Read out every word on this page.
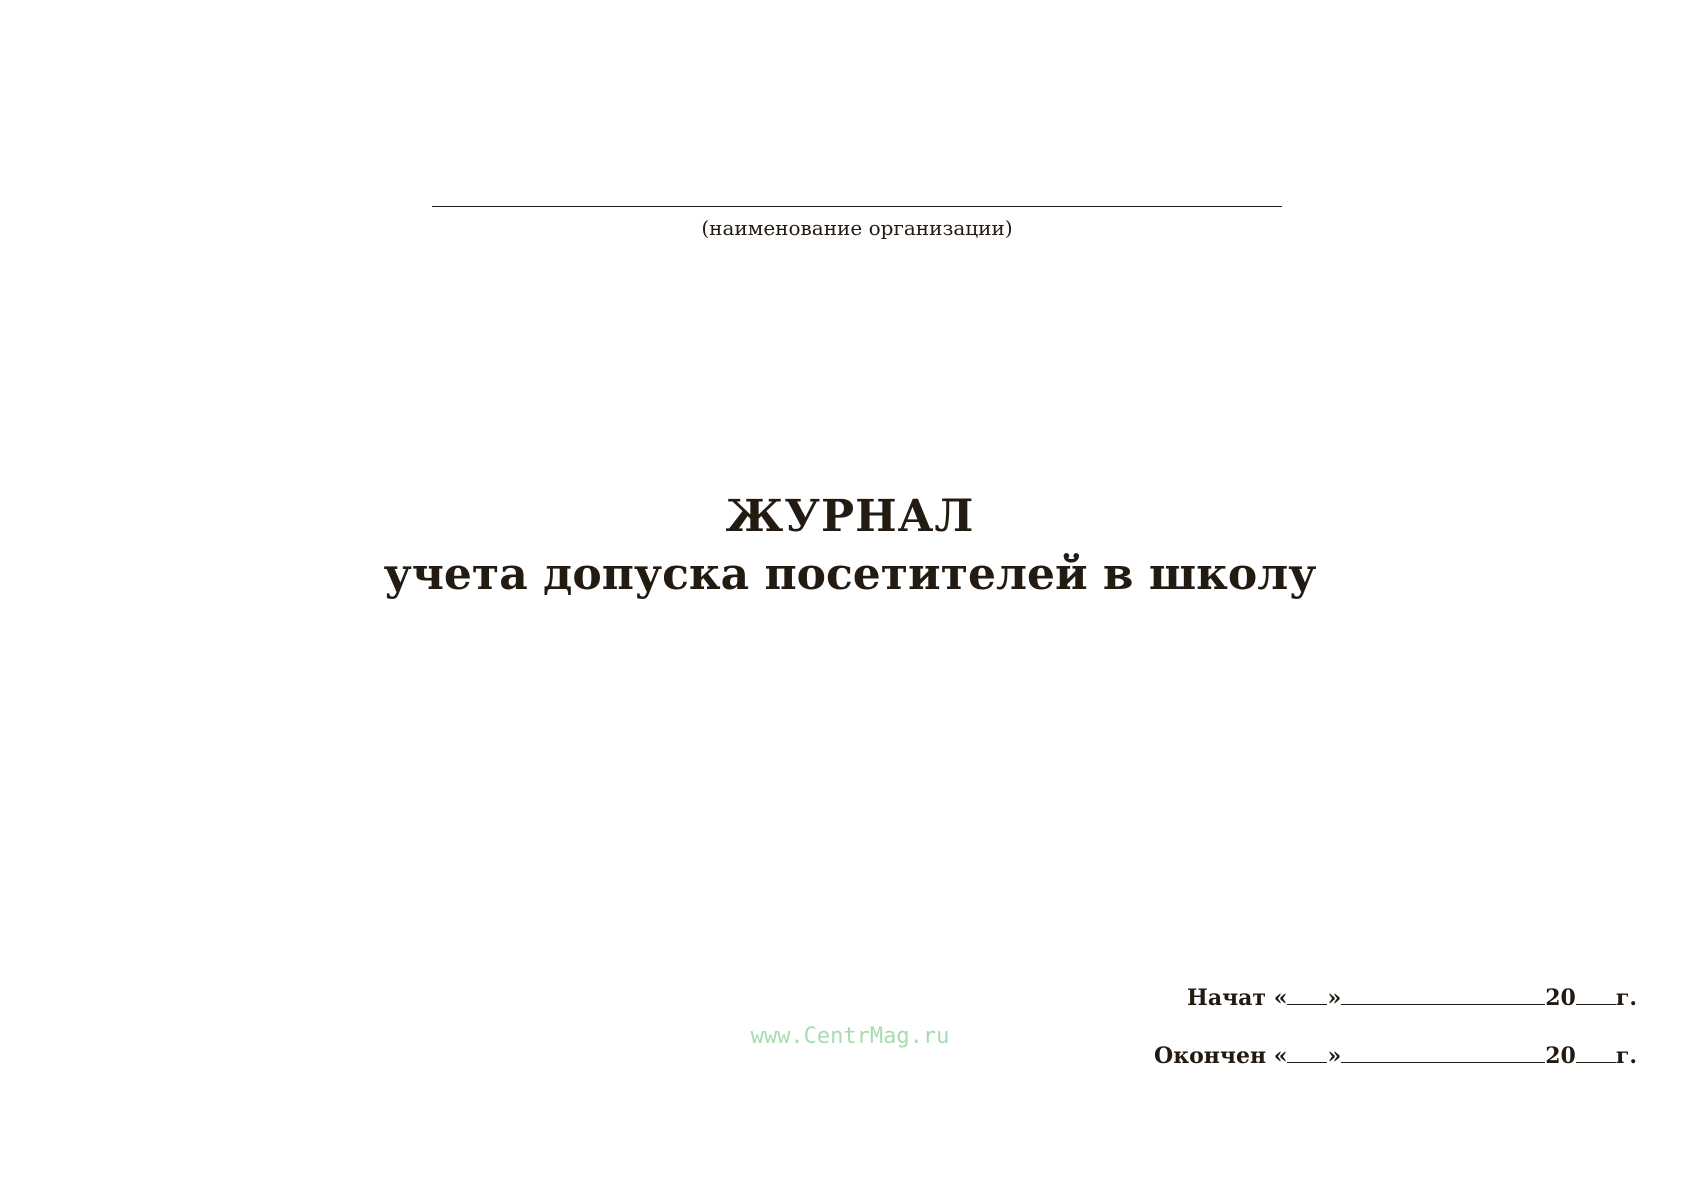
(наименование организации)
ЖУРНАЛ
учета допуска посетителей в школу
www.CentrMag.ru
Начат « »	20 г.
Окончен « »	20 г.
